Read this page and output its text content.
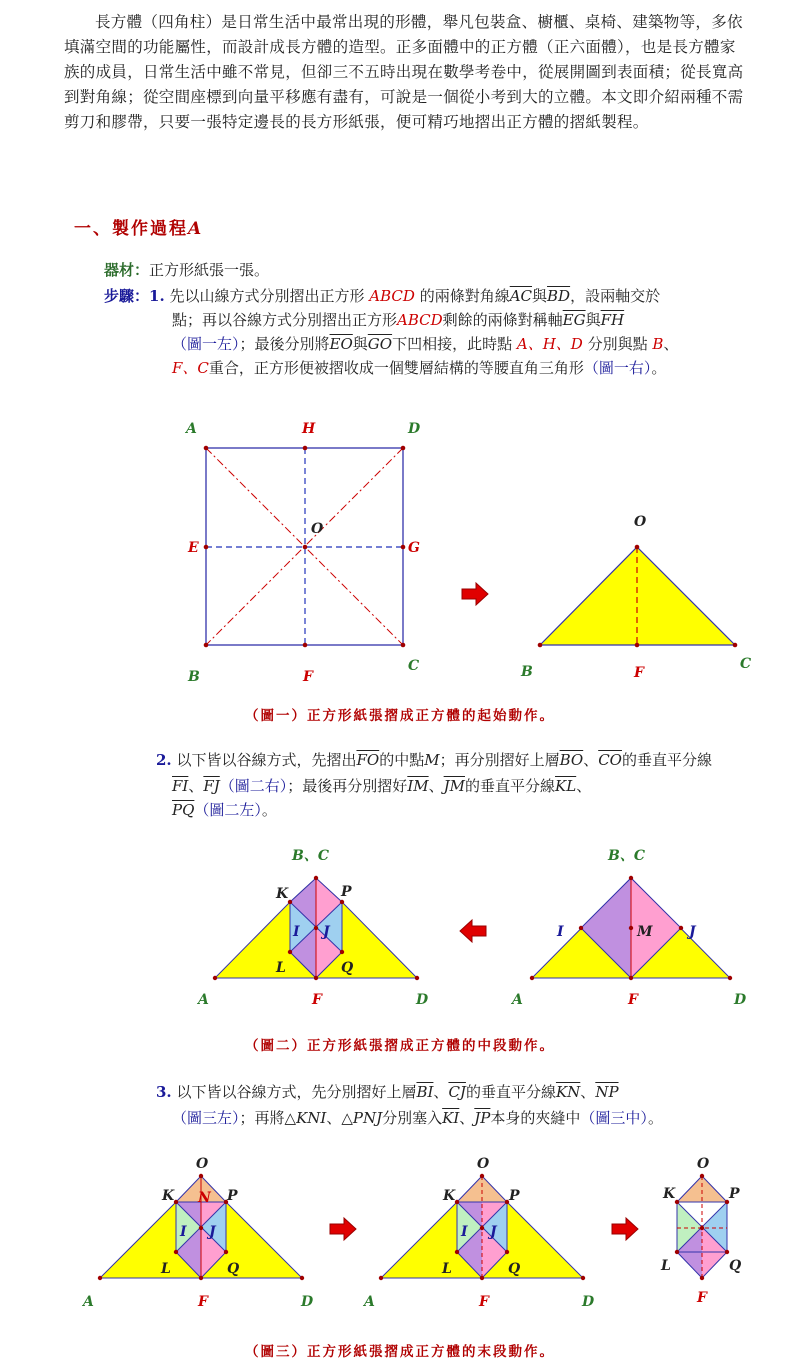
長方體（四角柱）是日常生活中最常出現的形體，舉凡包裝盒、櫥櫃、桌椅、建築物等，多依填滿空間的功能屬性，而設計成長方體的造型。正多面體中的正方體（正六面體），也是長方體家族的成員，日常生活中雖不常見，但卻三不五時出現在數學考卷中，從展開圖到表面積；從長寬高到對角線；從空間座標到向量平移應有盡有，可說是一個從小考到大的立體。本文即介紹兩種不需剪刀和膠帶，只要一張特定邊長的長方形紙張，便可精巧地摺出正方體的摺紙製程。
一、製作過程A
器材：正方形紙張一張。
步驟：1. 先以山線方式分別摺出正方形 ABCD 的兩條對角線$\overline{AC}$與$\overline{BD}$，設兩軸交於
點；再以谷線方式分別摺出正方形ABCD剩餘的兩條對稱軸$\overline{EG}$與$\overline{FH}$
（圖一左）；最後分別將$\overline{EO}$與$\overline{GO}$下凹相接，此時點 A、H、D 分別與點 B、
F、C重合，正方形便被摺收成一個雙層結構的等腰直角三角形（圖一右）。
（圖一）正方形紙張摺成正方體的起始動作。
2. 以下皆以谷線方式，先摺出$\overline{FO}$的中點M；再分別摺好上層$\overline{BO}$、$\overline{CO}$的垂直平分線
$\overline{FI}$、$\overline{FJ}$（圖二右）；最後再分別摺好$\overline{IM}$、$\overline{JM}$的垂直平分線$\overline{KL}$、
$\overline{PQ}$（圖二左）。
（圖二）正方形紙張摺成正方體的中段動作。
3. 以下皆以谷線方式，先分別摺好上層$\overline{BI}$、$\overline{CJ}$的垂直平分線$\overline{KN}$、$\overline{NP}$
（圖三左）；再將△KNI、△PNJ分別塞入$\overline{KI}$、$\overline{JP}$本身的夾縫中（圖三中）。
（圖三）正方形紙張摺成正方體的末段動作。
A	H	D
E
O
G
B	F
C
O
B	F
C
B、C
K	P
I J
L	Q
A	F	D
B、C
I	M	J
A	F	D
O
K N P
I J
L	Q
A	F	D
O
K	P
I J
L	Q
A	F	D
O
K	P
L	Q
F
